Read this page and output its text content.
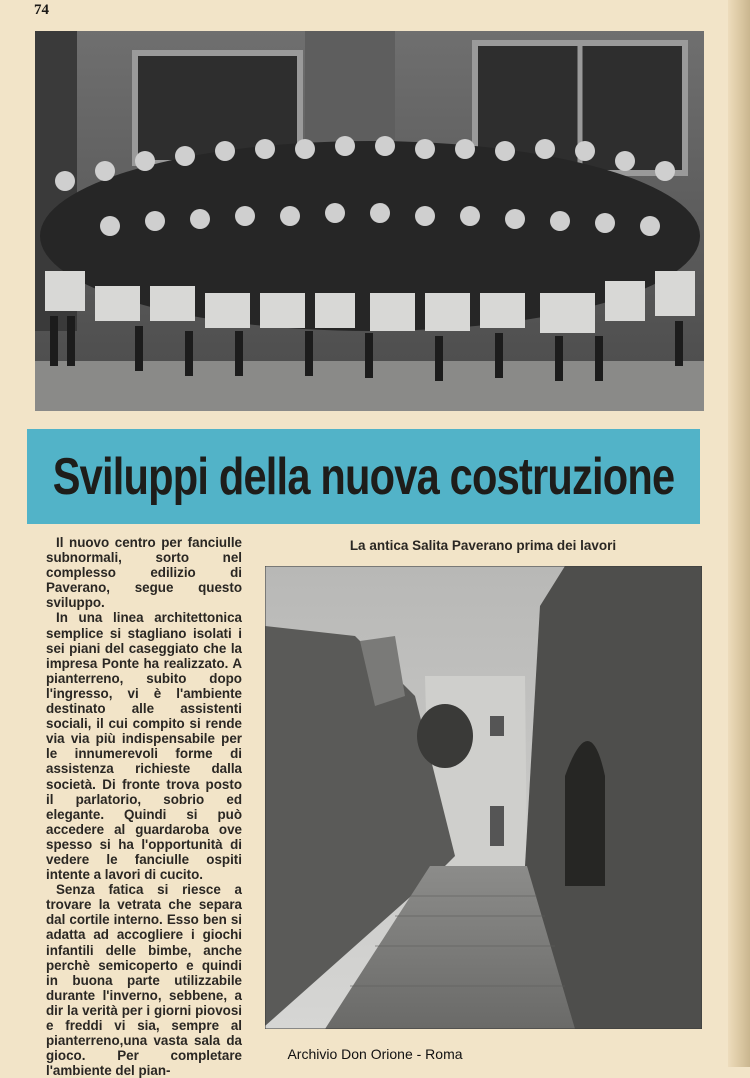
74
Sviluppi della nuova costruzione

Il nuovo centro per fanciulle subnormali, sorto nel complesso edilizio di Paverano, segue questo sviluppo.

In una linea architettonica semplice si stagliano isolati i sei piani del caseggiato che la impresa Ponte ha realizzato. A pianterreno, subito dopo l'ingresso, vi è l'ambiente destinato alle assistenti sociali, il cui compito si rende via via più indispensabile per le innumerevoli forme di assistenza richieste dalla società. Di fronte trova posto il parlatorio, sobrio ed elegante. Quindi si può accedere al guardaroba ove spesso si ha l'opportunità di vedere le fanciulle ospiti intente a lavori di cucito.

Senza fatica si riesce a trovare la vetrata che separa dal cortile interno. Esso ben si adatta ad accogliere i giochi infantili delle bimbe, anche perchè semicoperto e quindi in buona parte utilizzabile durante l'inverno, sebbene, a dir la verità per i giorni piovosi e freddi vi sia, sempre al pianterreno,una vasta sala da gioco. Per completare l'ambiente del pian-

La antica Salita Paverano prima dei lavori
Archivio Don Orione - Roma
